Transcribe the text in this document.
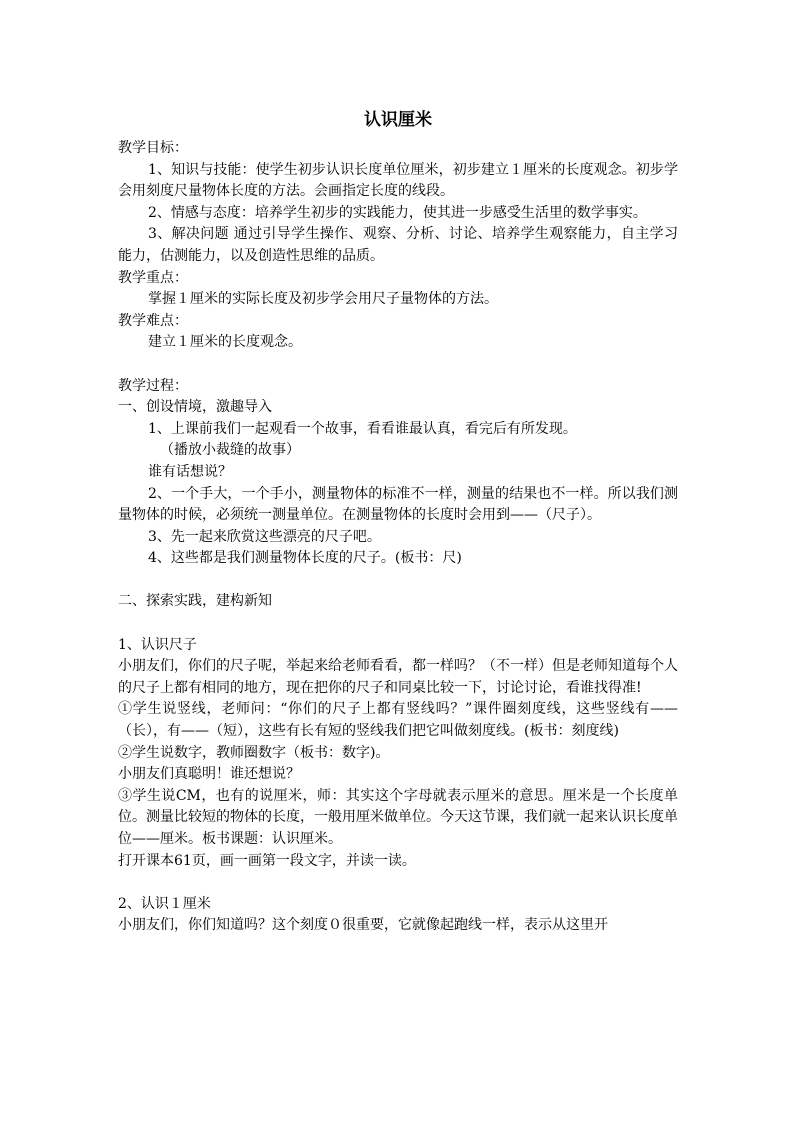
认识厘米

教学目标：

1、知识与技能：使学生初步认识长度单位厘米，初步建立１厘米的长度观念。初步学会用刻度尺量物体长度的方法。会画指定长度的线段。

2、情感与态度：培养学生初步的实践能力，使其进一步感受生活里的数学事实。

3、解决问题 通过引导学生操作、观察、分析、讨论、培养学生观察能力，自主学习能力，估测能力，以及创造性思维的品质。

教学重点：

掌握１厘米的实际长度及初步学会用尺子量物体的方法。

教学难点：

建立１厘米的长度观念。

教学过程：

一、创设情境，激趣导入

1、上课前我们一起观看一个故事，看看谁最认真，看完后有所发现。

（播放小裁缝的故事）

谁有话想说？

2、一个手大，一个手小，测量物体的标准不一样，测量的结果也不一样。所以我们测量物体的时候，必须统一测量单位。在测量物体的长度时会用到——（尺子）。

3、先一起来欣赏这些漂亮的尺子吧。

4、这些都是我们测量物体长度的尺子。(板书：尺)

二、探索实践，建构新知

1、认识尺子

小朋友们，你们的尺子呢，举起来给老师看看，都一样吗？（不一样）但是老师知道每个人的尺子上都有相同的地方，现在把你的尺子和同桌比较一下，讨论讨论，看谁找得准!

①学生说竖线，老师问：“你们的尺子上都有竖线吗？”课件圈刻度线，这些竖线有——（长），有——（短），这些有长有短的竖线我们把它叫做刻度线。(板书：刻度线)

②学生说数字，教师圈数字（板书：数字)。

小朋友们真聪明！谁还想说？

③学生说CM，也有的说厘米，师：其实这个字母就表示厘米的意思。厘米是一个长度单位。测量比较短的物体的长度，一般用厘米做单位。今天这节课，我们就一起来认识长度单位——厘米。板书课题：认识厘米。

打开课本61页，画一画第一段文字，并读一读。

2、认识１厘米

小朋友们，你们知道吗？这个刻度０很重要，它就像起跑线一样，表示从这里开
